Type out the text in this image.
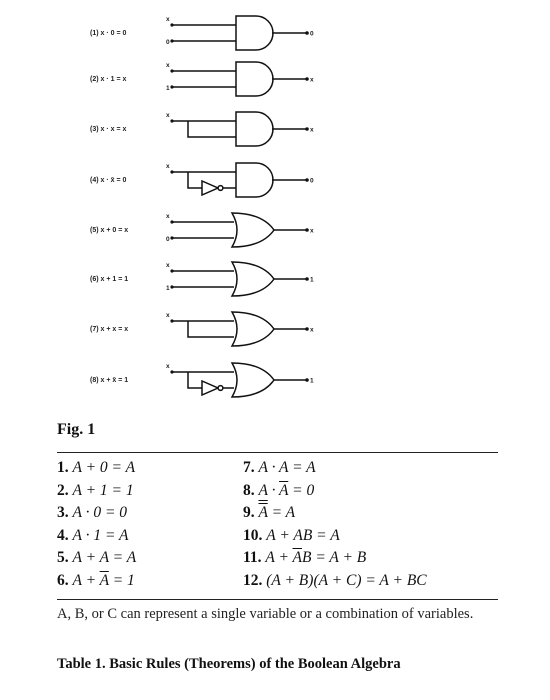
(1) x · 0 = 0
x
0
0
(2) x · 1 = x
x
1
x
(3) x · x = x
x
x
(4) x · x̄ = 0
x
0
(5) x + 0 = x
x
0
x
(6) x + 1 = 1
x
1
1
(7) x + x = x
x
x
(8) x + x̄ = 1
x
1

Fig. 1

1. A + 0 = A
2. A + 1 = 1
3. A · 0 = 0
4. A · 1 = A
5. A + A = A
6. $A + \overline{A} = 1$
7. A · A = A
8. $A \cdot \overline{A} = 0$
9. A = A
10. A + AB = A
11. $A + \overline{A}B = A + B$
12. (A + B)(A + C) = A + BC

A, B, or C can represent a single variable or a combination of variables.

Table 1. Basic Rules (Theorems) of the Boolean Algebra
